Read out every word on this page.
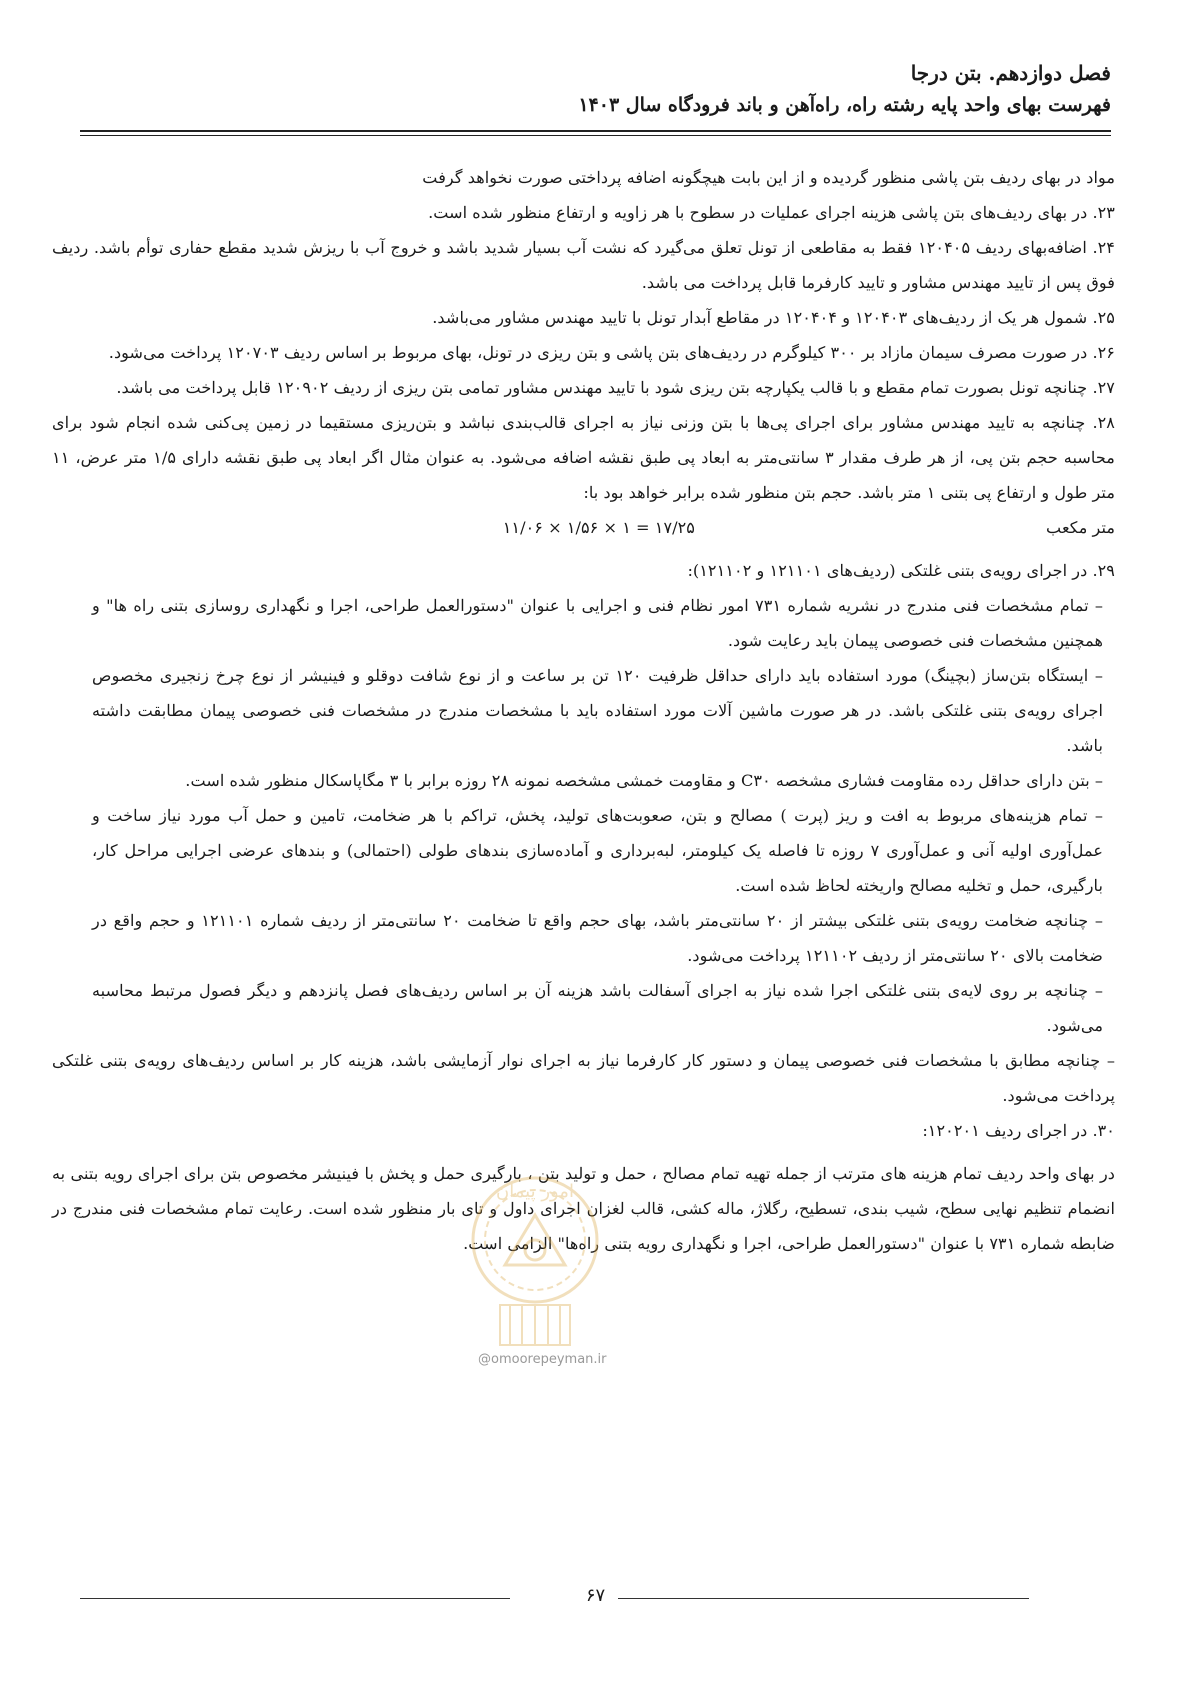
فصل دوازدهم. بتن درجا
فهرست بهای واحد پایه رشته راه، راه‌آهن و باند فرودگاه سال ۱۴۰۳

مواد در بهای ردیف بتن پاشی منظور گردیده و از این بابت هیچگونه اضافه پرداختی صورت نخواهد گرفت

۲۳. در بهای ردیف‌های بتن پاشی هزینه اجرای عملیات در سطوح با هر زاویه و ارتفاع منظور شده است.

۲۴. اضافه‌بهای ردیف ۱۲۰۴۰۵ فقط به مقاطعی از تونل تعلق می‌گیرد که نشت آب بسیار شدید باشد و خروج آب با ریزش شدید مقطع حفاری توأم باشد. ردیف فوق پس از تایید مهندس مشاور و تایید کارفرما قابل پرداخت می باشد.

۲۵. شمول هر یک از ردیف‌های ۱۲۰۴۰۳ و ۱۲۰۴۰۴ در مقاطع آبدار تونل با تایید مهندس مشاور می‌باشد.

۲۶. در صورت مصرف سیمان مازاد بر ۳۰۰ کیلوگرم در ردیف‌های بتن پاشی و بتن ریزی در تونل، بهای مربوط بر اساس ردیف ۱۲۰۷۰۳ پرداخت می‌شود.

۲۷. چنانچه تونل بصورت تمام مقطع و با قالب یکپارچه بتن ریزی شود با تایید مهندس مشاور تمامی بتن ریزی از ردیف ۱۲۰۹۰۲ قابل پرداخت می باشد.

۲۸. چنانچه به تایید مهندس مشاور برای اجرای پی‌ها با بتن وزنی نیاز به اجرای قالب‌بندی نباشد و بتن‌ریزی مستقیما در زمین پی‌کنی شده انجام شود برای محاسبه حجم بتن پی، از هر طرف مقدار ۳ سانتی‌متر به ابعاد پی طبق نقشه اضافه می‌شود. به عنوان مثال اگر ابعاد پی طبق نقشه دارای ۱/۵ متر عرض، ۱۱ متر طول و ارتفاع پی بتنی ۱ متر باشد. حجم بتن منظور شده برابر خواهد بود با:

متر مکعب
۱۱/۰۶ × ۱/۵۶ × ۱ = ۱۷/۲۵

۲۹. در اجرای رویه‌ی بتنی غلتکی (ردیف‌های ۱۲۱۱۰۱ و ۱۲۱۱۰۲):

– تمام مشخصات فنی مندرج در نشریه شماره ۷۳۱ امور نظام فنی و اجرایی با عنوان "دستورالعمل طراحی، اجرا و نگهداری روسازی بتنی راه ها" و همچنین مشخصات فنی خصوصی پیمان باید رعایت شود.

– ایستگاه بتن‌ساز (بچینگ) مورد استفاده باید دارای حداقل ظرفیت ۱۲۰ تن بر ساعت و از نوع شافت دوقلو و فینیشر از نوع چرخ زنجیری مخصوص اجرای رویه‌ی بتنی غلتکی باشد. در هر صورت ماشین آلات مورد استفاده باید با مشخصات مندرج در مشخصات فنی خصوصی پیمان مطابقت داشته باشد.

– بتن دارای حداقل رده مقاومت فشاری مشخصه C۳۰ و مقاومت خمشی مشخصه نمونه ۲۸ روزه برابر با ۳ مگاپاسکال منظور شده است.

– تمام هزینه‌های مربوط به افت و ریز (پرت ) مصالح و بتن، صعوبت‌های تولید، پخش، تراکم با هر ضخامت، تامین و حمل آب مورد نیاز ساخت و عمل‌آوری اولیه آنی و عمل‌آوری ۷ روزه تا فاصله یک کیلومتر، لبه‌برداری و آماده‌سازی بندهای طولی (احتمالی) و بندهای عرضی اجرایی مراحل کار، بارگیری، حمل و تخلیه مصالح واریخته لحاظ شده است.

– چنانچه ضخامت رویه‌ی بتنی غلتکی بیشتر از ۲۰ سانتی‌متر باشد، بهای حجم واقع تا ضخامت ۲۰ سانتی‌متر از ردیف شماره ۱۲۱۱۰۱ و حجم واقع در ضخامت بالای ۲۰ سانتی‌متر از ردیف ۱۲۱۱۰۲ پرداخت می‌شود.

– چنانچه بر روی لایه‌ی بتنی غلتکی اجرا شده نیاز به اجرای آسفالت باشد هزینه آن بر اساس ردیف‌های فصل پانزدهم و دیگر فصول مرتبط محاسبه می‌شود.

– چنانچه مطابق با مشخصات فنی خصوصی پیمان و دستور کار کارفرما نیاز به اجرای نوار آزمایشی باشد، هزینه کار بر اساس ردیف‌های رویه‌ی بتنی غلتکی پرداخت می‌شود.

۳۰. در اجرای ردیف ۱۲۰۲۰۱:

در بهای واحد ردیف تمام هزینه های مترتب از جمله تهیه تمام مصالح ، حمل و تولید بتن ، بارگیری حمل و پخش با فینیشر مخصوص بتن برای اجرای رویه بتنی به انضمام تنظیم نهایی سطح، شیب بندی، تسطیح، رگلاژ، ماله کشی، قالب لغزان اجرای داول و تای بار منظور شده است. رعایت تمام مشخصات فنی مندرج در ضابطه شماره ۷۳۱ با عنوان "دستورالعمل طراحی، اجرا و نگهداری رویه بتنی راه‌ها" الزامی است.

امور پیمان
@omoorepeyman.ir
۶۷
